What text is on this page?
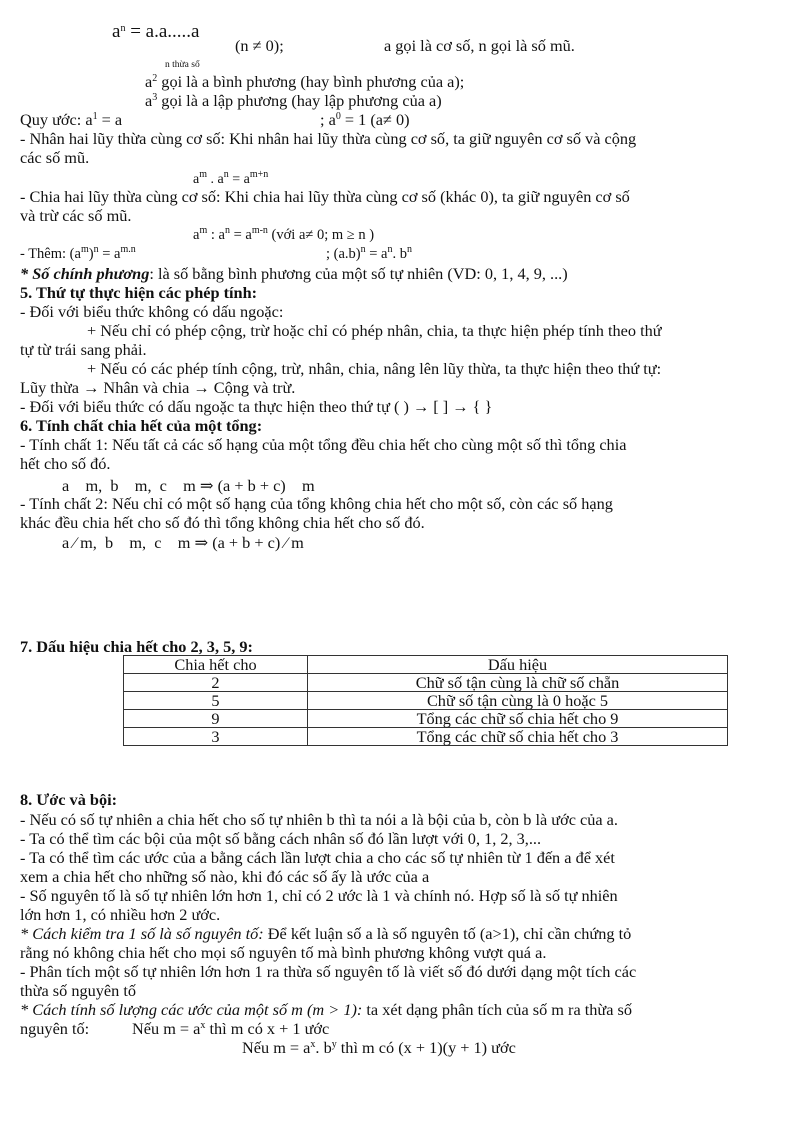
$a^n = a.a.....a$
(n ≠ 0);	a gọi là cơ số, n gọi là số mũ.
n thừa số
$a^2$ gọi là a bình phương (hay bình phương của a);
$a^3$ gọi là a lập phương (hay lập phương của a)
Quy ước: $a^1 = a$	; $a^0 = 1$ (a≠ 0)
- Nhân hai lũy thừa cùng cơ số: Khi nhân hai lũy thừa cùng cơ số, ta giữ nguyên cơ số và cộng
các số mũ.
$a^m$ . $a^n = a^{m+n}$
- Chia hai lũy thừa cùng cơ số: Khi chia hai lũy thừa cùng cơ số (khác 0), ta giữ nguyên cơ số
và trừ các số mũ.
$a^m$ : $a^n = a^{m-n}$ (với a≠ 0; m ≥ n )
- Thêm: $(a^m)^n = a^{m.n}$	; $(a.b)^n = a^n$. $b^n$
* Số chính phương: là số bằng bình phương của một số tự nhiên (VD: 0, 1, 4, 9, ...)
5. Thứ tự thực hiện các phép tính:
- Đối với biểu thức không có dấu ngoặc:
+ Nếu chỉ có phép cộng, trừ hoặc chỉ có phép nhân, chia, ta thực hiện phép tính theo thứ
tự từ trái sang phải.
+ Nếu có các phép tính cộng, trừ, nhân, chia, nâng lên lũy thừa, ta thực hiện theo thứ tự:
Lũy thừa → Nhân và chia → Cộng và trừ.
- Đối với biểu thức có dấu ngoặc ta thực hiện theo thứ tự ( ) → [ ] → { }
6. Tính chất chia hết của một tổng:
- Tính chất 1: Nếu tất cả các số hạng của một tổng đều chia hết cho cùng một số thì tổng chia
hết cho số đó.
a    m,  b    m,  c    m ⇒ (a + b + c)    m
- Tính chất 2: Nếu chỉ có một số hạng của tổng không chia hết cho một số, còn các số hạng
khác đều chia hết cho số đó thì tổng không chia hết cho số đó.
a ∕ m,  b    m,  c    m ⇒ (a + b + c) ∕ m
7. Dấu hiệu chia hết cho 2, 3, 5, 9:
Chia hết cho	Dấu hiệu
2	Chữ số tận cùng là chữ số chẵn
5	Chữ số tận cùng là 0 hoặc 5
9	Tổng các chữ số chia hết cho 9
3	Tổng các chữ số chia hết cho 3
8. Ước và bội:
- Nếu có số tự nhiên a chia hết cho số tự nhiên b thì ta nói a là bội của b, còn b là ước của a.
- Ta có thể tìm các bội của một số bằng cách nhân số đó lần lượt với 0, 1, 2, 3,...
- Ta có thể tìm các ước của a bằng cách lần lượt chia a cho các số tự nhiên từ 1 đến a để xét
xem a chia hết cho những số nào, khi đó các số ấy là ước của a
- Số nguyên tố là số tự nhiên lớn hơn 1, chỉ có 2 ước là 1 và chính nó. Hợp số là số tự nhiên
lớn hơn 1, có nhiều hơn 2 ước.
* Cách kiểm tra 1 số là số nguyên tố: Để kết luận số a là số nguyên tố (a>1), chỉ cần chứng tỏ
rằng nó không chia hết cho mọi số nguyên tố mà bình phương không vượt quá a.
- Phân tích một số tự nhiên lớn hơn 1 ra thừa số nguyên tố là viết số đó dưới dạng một tích các
thừa số nguyên tố
* Cách tính số lượng các ước của một số m (m > 1): ta xét dạng phân tích của số m ra thừa số
nguyên tố:	Nếu $m = a^x$ thì m có x + 1 ước
Nếu $m = a^x$. $b^y$ thì m có (x + 1)(y + 1) ước
